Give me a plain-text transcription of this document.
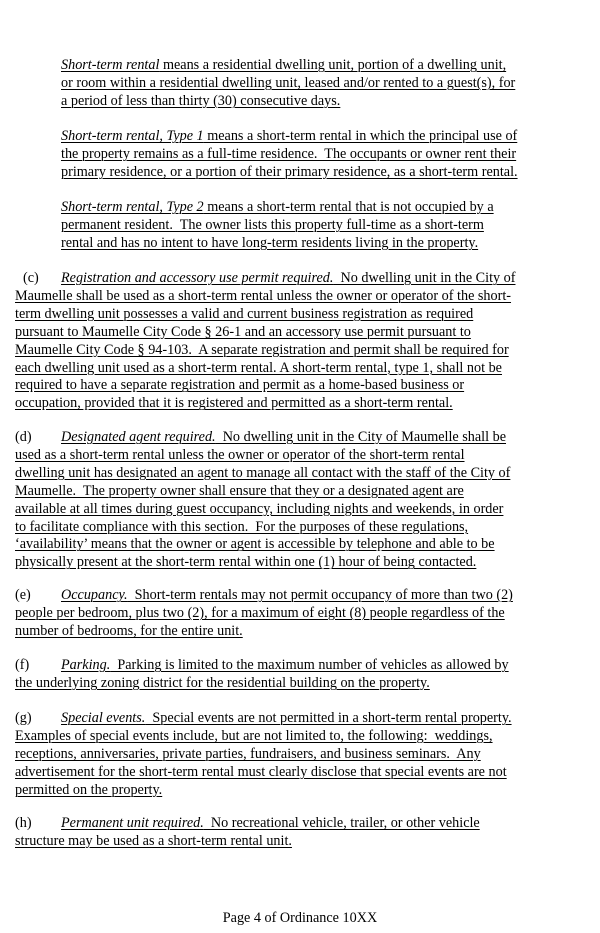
Short-term rental means a residential dwelling unit, portion of a dwelling unit,
or room within a residential dwelling unit, leased and/or rented to a guest(s), for
a period of less than thirty (30) consecutive days.
Short-term rental, Type 1 means a short-term rental in which the principal use of
the property remains as a full-time residence.  The occupants or owner rent their
primary residence, or a portion of their primary residence, as a short-term rental.
Short-term rental, Type 2 means a short-term rental that is not occupied by a
permanent resident.  The owner lists this property full-time as a short-term
rental and has no intent to have long-term residents living in the property.
(c) Registration and accessory use permit required.  No dwelling unit in the City of
Maumelle shall be used as a short-term rental unless the owner or operator of the short-
term dwelling unit possesses a valid and current business registration as required
pursuant to Maumelle City Code § 26-1 and an accessory use permit pursuant to
Maumelle City Code § 94-103.  A separate registration and permit shall be required for
each dwelling unit used as a short-term rental. A short-term rental, type 1, shall not be
required to have a separate registration and permit as a home-based business or
occupation, provided that it is registered and permitted as a short-term rental.
(d) Designated agent required.  No dwelling unit in the City of Maumelle shall be
used as a short-term rental unless the owner or operator of the short-term rental
dwelling unit has designated an agent to manage all contact with the staff of the City of
Maumelle.  The property owner shall ensure that they or a designated agent are
available at all times during guest occupancy, including nights and weekends, in order
to facilitate compliance with this section.  For the purposes of these regulations,
‘availability’ means that the owner or agent is accessible by telephone and able to be
physically present at the short-term rental within one (1) hour of being contacted.
(e) Occupancy.  Short-term rentals may not permit occupancy of more than two (2)
people per bedroom, plus two (2), for a maximum of eight (8) people regardless of the
number of bedrooms, for the entire unit.
(f) Parking.  Parking is limited to the maximum number of vehicles as allowed by
the underlying zoning district for the residential building on the property.
(g) Special events.  Special events are not permitted in a short-term rental property.
Examples of special events include, but are not limited to, the following:  weddings,
receptions, anniversaries, private parties, fundraisers, and business seminars.  Any
advertisement for the short-term rental must clearly disclose that special events are not
permitted on the property.
(h) Permanent unit required.  No recreational vehicle, trailer, or other vehicle
structure may be used as a short-term rental unit.
Page 4 of Ordinance 10XX
